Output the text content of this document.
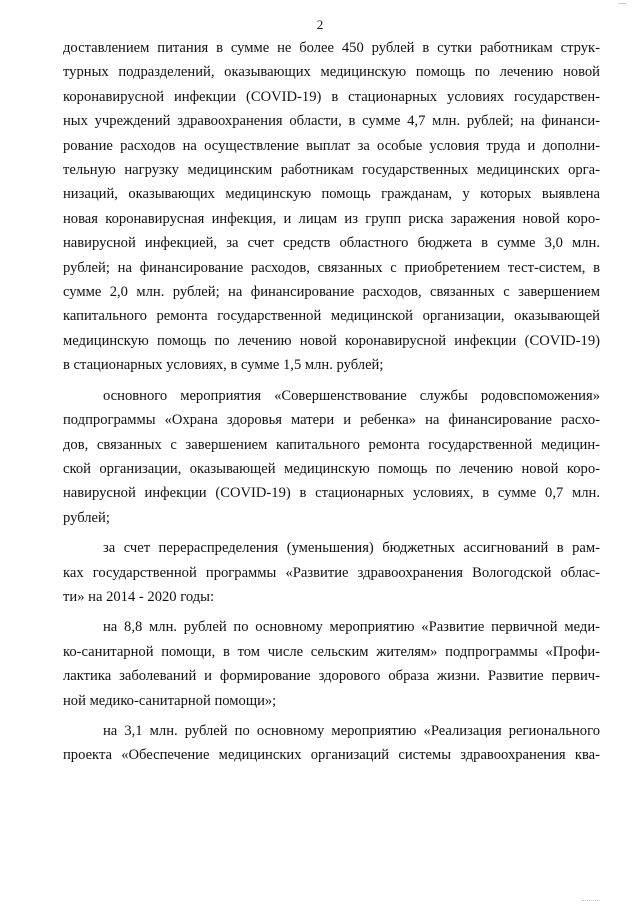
2
доставлением питания в сумме не более 450 рублей в сутки работникам струк-
турных подразделений, оказывающих медицинскую помощь по лечению новой
коронавирусной инфекции (COVID-19) в стационарных условиях государствен-
ных учреждений здравоохранения области, в сумме 4,7 млн. рублей; на финанси-
рование расходов на осуществление выплат за особые условия труда и дополни-
тельную нагрузку медицинским работникам государственных медицинских орга-
низаций, оказывающих медицинскую помощь гражданам, у которых выявлена
новая коронавирусная инфекция, и лицам из групп риска заражения новой коро-
навирусной инфекцией, за счет средств областного бюджета в сумме 3,0 млн.
рублей; на финансирование расходов, связанных с приобретением тест-систем, в
сумме 2,0 млн. рублей; на финансирование расходов, связанных с завершением
капитального ремонта государственной медицинской организации, оказывающей
медицинскую помощь по лечению новой коронавирусной инфекции (COVID-19)
в стационарных условиях, в сумме 1,5 млн. рублей;
основного мероприятия «Совершенствование службы родовспоможения»
подпрограммы «Охрана здоровья матери и ребенка» на финансирование расхо-
дов, связанных с завершением капитального ремонта государственной медицин-
ской организации, оказывающей медицинскую помощь по лечению новой коро-
навирусной инфекции (COVID-19) в стационарных условиях, в сумме 0,7 млн.
рублей;
за счет перераспределения (уменьшения) бюджетных ассигнований в рам-
ках государственной программы «Развитие здравоохранения Вологодской облас-
ти» на 2014 - 2020 годы:
на 8,8 млн. рублей по основному мероприятию «Развитие первичной меди-
ко-санитарной помощи, в том числе сельским жителям» подпрограммы «Профи-
лактика заболеваний и формирование здорового образа жизни. Развитие первич-
ной медико-санитарной помощи»;
на 3,1 млн. рублей по основному мероприятию «Реализация регионального
проекта «Обеспечение медицинских организаций системы здравоохранения ква-
